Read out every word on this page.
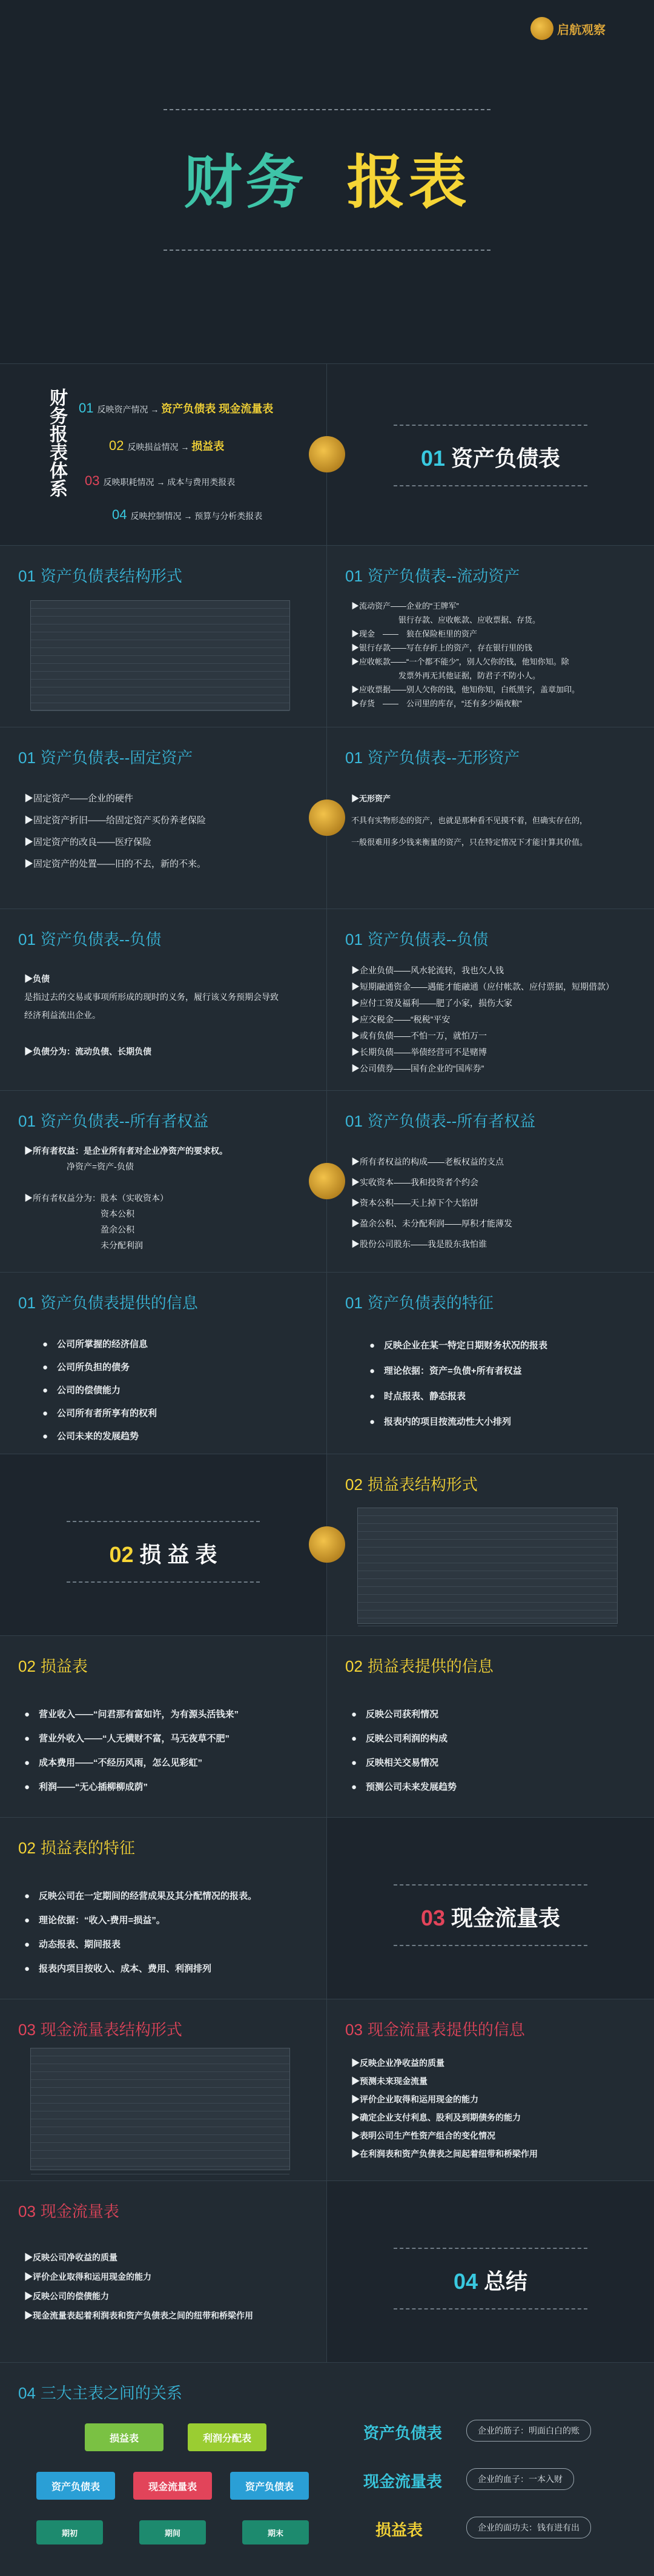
启航观察
财务 报表
财务报表体系 01 反映资产情况 → 资产负债表 现金流量表
02 反映损益情况 → 损益表
03 反映职耗情况 → 成本与费用类报表
04 反映控制情况 → 预算与分析类报表
01 资产负债表
01 资产负债表结构形式	01 资产负债表--流动资产

▶流动资产——企业的“王牌军”

　　　　　　银行存款、应收帐款、应收票据、存货。

▶现金　——　狼在保险柜里的资产

▶银行存款——写在存折上的资产，存在银行里的钱

▶应收帐款——“一个都不能少”，别人欠你的钱，他知你知。除

　　　　　　发票外再无其他证据，防君子不防小人。

▶应收票据——别人欠你的钱，他知你知，白纸黑字，盖章加印。

▶存货　——　公司里的库存，“还有多少隔夜粮”

01 资产负债表--固定资产

▶固定资产——企业的硬件

▶固定资产折旧——给固定资产买份养老保险

▶固定资产的改良——医疗保险

▶固定资产的处置——旧的不去，新的不来。

01 资产负债表--无形资产

▶无形资产

不具有实物形态的资产，也就是那种看不见摸不着，但确实存在的，

一般很难用多少钱来衡量的资产，只在特定情况下才能计算其价值。

01 资产负债表--负债

▶负债

是指过去的交易或事项所形成的现时的义务，履行该义务预期会导致

经济利益流出企业。

▶负债分为：流动负债、长期负债

01 资产负债表--负债

▶企业负债——风水轮流转，我也欠人钱

▶短期融通资金——遇能才能融通（应付帐款、应付票据，短期借款）

▶应付工资及福利——肥了小家，损伤大家

▶应交税金——“税税”平安

▶或有负债——不怕一万，就怕万一

▶长期负债——举债经营可不是赌博

▶公司债券——国有企业的“国库券”

01 资产负债表--所有者权益

▶所有者权益：是企业所有者对企业净资产的要求权。

　　　　　净资产=资产-负债

▶所有者权益分为：股本（实收资本）

　　　　　　　　　资本公积

　　　　　　　　　盈余公积

　　　　　　　　　未分配利润

01 资产负债表--所有者权益

▶所有者权益的构成——老板权益的支点

▶实收资本——我和投资者个约会

▶资本公积——天上掉下个大馅饼

▶盈余公积、未分配利润——厚积才能薄发

▶股份公司股东——我是股东我怕谁

01 资产负债表提供的信息

●　公司所掌握的经济信息

●　公司所负担的债务

●　公司的偿债能力

●　公司所有者所享有的权利

●　公司未来的发展趋势

01 资产负债表的特征

●　反映企业在某一特定日期财务状况的报表

●　理论依据：资产=负债+所有者权益

●　时点报表、静态报表

●　报表内的项目按流动性大小排列

02 损 益 表
02 损益表结构形式
02 损益表

●　营业收入——“问君那有富如许，为有源头活钱来”

●　营业外收入——“人无横财不富，马无夜草不肥”

●　成本费用——“不经历风雨，怎么见彩虹”

●　利润——“无心插柳柳成荫”

02 损益表提供的信息

●　反映公司获利情况

●　反映公司利润的构成

●　反映相关交易情况

●　预测公司未来发展趋势

02 损益表的特征

●　反映公司在一定期间的经营成果及其分配情况的报表。

●　理论依据：“收入-费用=损益”。

●　动态报表、期间报表

●　报表内项目按收入、成本、费用、利润排列

03 现金流量表
03 现金流量表结构形式	03 现金流量表提供的信息

▶反映企业净收益的质量

▶预测未来现金流量

▶评价企业取得和运用现金的能力

▶确定企业支付利息、股利及到期债务的能力

▶表明公司生产性资产组合的变化情况

▶在利润表和资产负债表之间起着纽带和桥梁作用

03 现金流量表

▶反映公司净收益的质量

▶评价企业取得和运用现金的能力

▶反映公司的偿债能力

▶现金流量表起着利润表和资产负债表之间的纽带和桥梁作用

04 总结
04 三大主表之间的关系
损益表	利润分配表
资产负债表	现金流量表	资产负债表
期初	期间	期末
资产负债表	企业的筋子：明面白白的账
现金流量表	企业的血子：一本入财
损益表	企业的面功夫：钱有进有出
